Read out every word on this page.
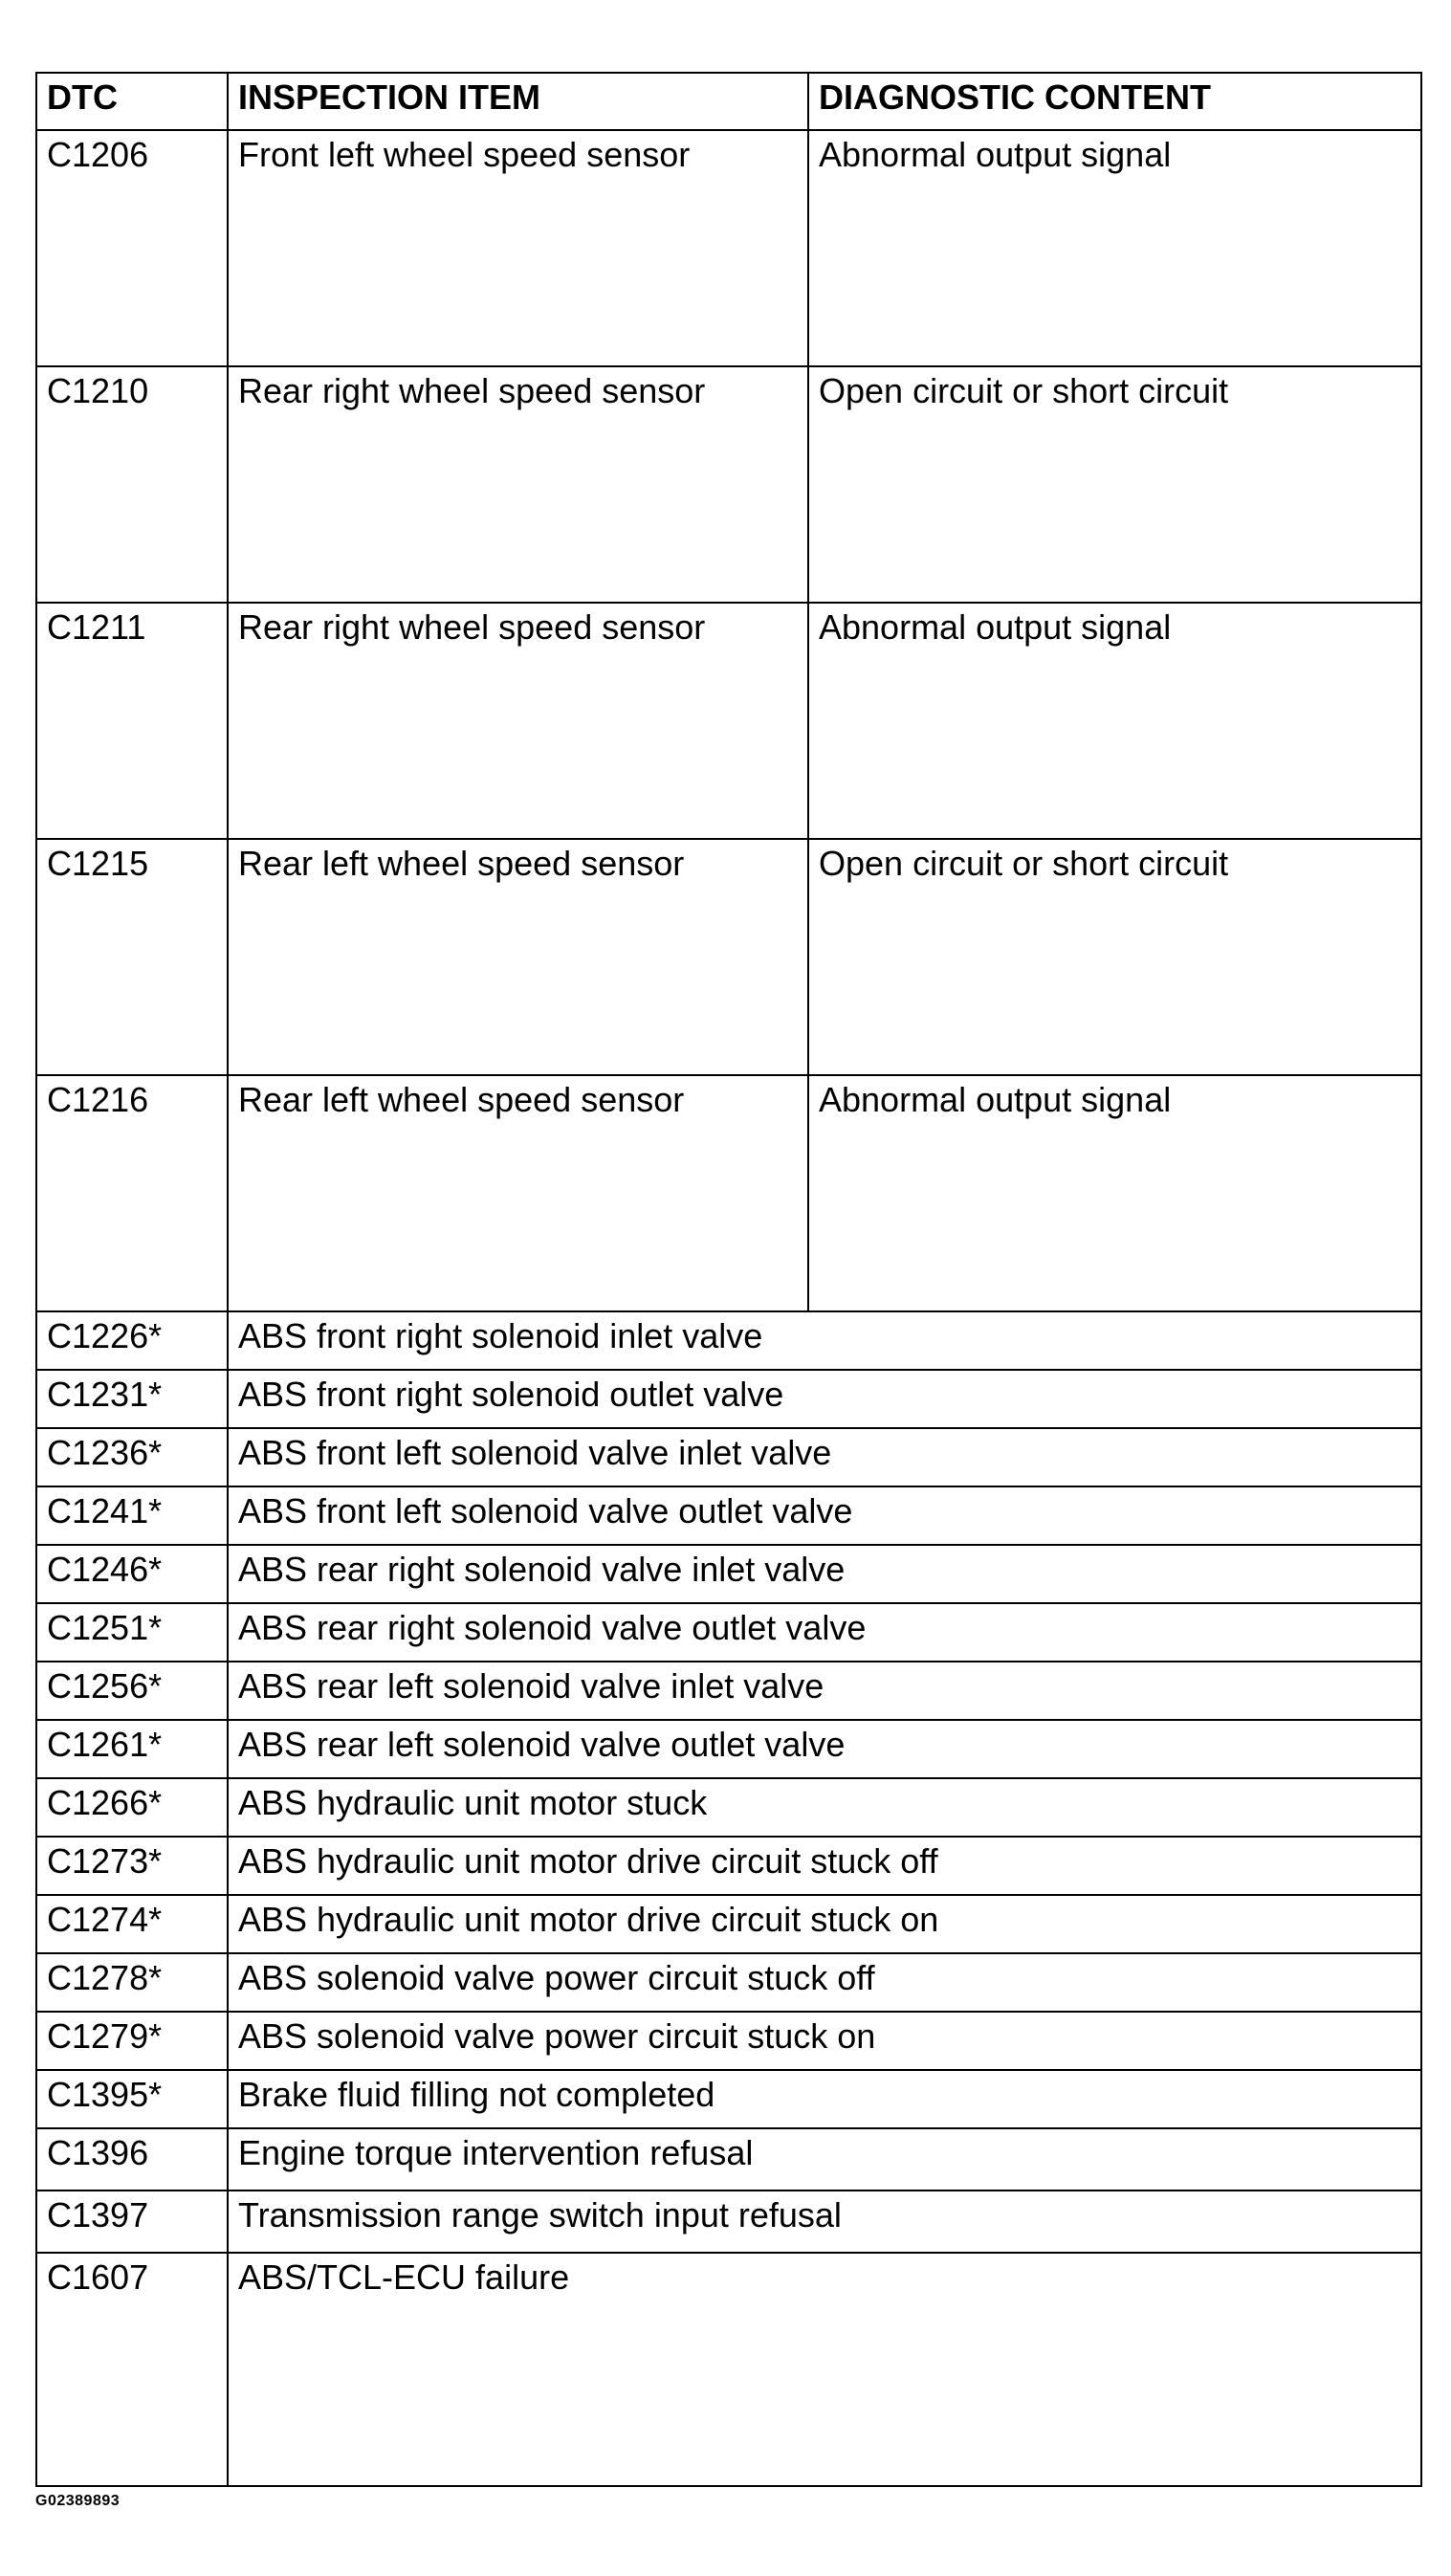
DTC	INSPECTION ITEM	DIAGNOSTIC CONTENT
C1206	Front left wheel speed sensor	Abnormal output signal
C1210	Rear right wheel speed sensor	Open circuit or short circuit
C1211	Rear right wheel speed sensor	Abnormal output signal
C1215	Rear left wheel speed sensor	Open circuit or short circuit
C1216	Rear left wheel speed sensor	Abnormal output signal
C1226*	ABS front right solenoid inlet valve	
C1231*	ABS front right solenoid outlet valve	
C1236*	ABS front left solenoid valve inlet valve	
C1241*	ABS front left solenoid valve outlet valve	
C1246*	ABS rear right solenoid valve inlet valve	
C1251*	ABS rear right solenoid valve outlet valve	
C1256*	ABS rear left solenoid valve inlet valve	
C1261*	ABS rear left solenoid valve outlet valve	
C1266*	ABS hydraulic unit motor stuck	
C1273*	ABS hydraulic unit motor drive circuit stuck off	
C1274*	ABS hydraulic unit motor drive circuit stuck on	
C1278*	ABS solenoid valve power circuit stuck off	
C1279*	ABS solenoid valve power circuit stuck on	
C1395*	Brake fluid filling not completed	
C1396	Engine torque intervention refusal	
C1397	Transmission range switch input refusal	
C1607	ABS/TCL-ECU failure	
G02389893
